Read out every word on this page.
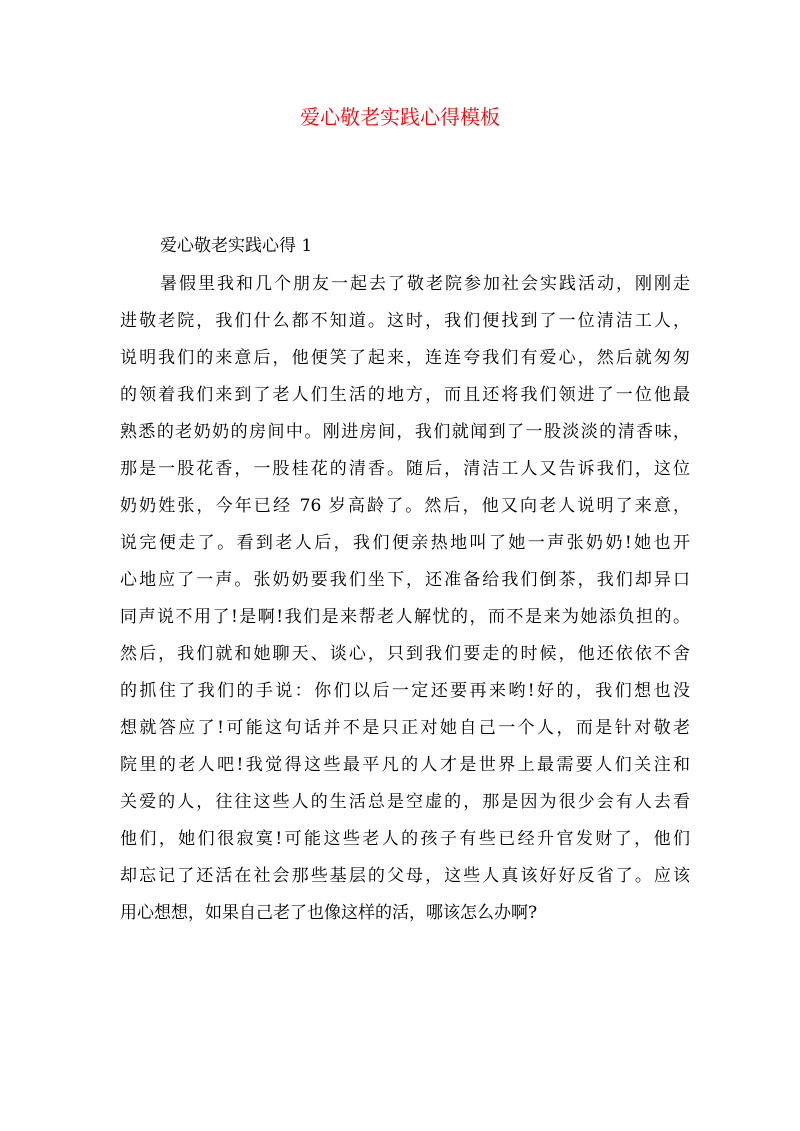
爱心敬老实践心得模板
爱心敬老实践心得 1
暑假里我和几个朋友一起去了敬老院参加社会实践活动，刚刚走
进敬老院，我们什么都不知道。这时，我们便找到了一位清洁工人，
说明我们的来意后，他便笑了起来，连连夸我们有爱心，然后就匆匆
的领着我们来到了老人们生活的地方，而且还将我们领进了一位他最
熟悉的老奶奶的房间中。刚进房间，我们就闻到了一股淡淡的清香味，
那是一股花香，一股桂花的清香。随后，清洁工人又告诉我们，这位
奶奶姓张，今年已经 76 岁高龄了。然后，他又向老人说明了来意，
说完便走了。看到老人后，我们便亲热地叫了她一声张奶奶!她也开
心地应了一声。张奶奶要我们坐下，还准备给我们倒茶，我们却异口
同声说不用了!是啊!我们是来帮老人解忧的，而不是来为她添负担的。
然后，我们就和她聊天、谈心，只到我们要走的时候，他还依依不舍
的抓住了我们的手说：你们以后一定还要再来哟!好的，我们想也没
想就答应了!可能这句话并不是只正对她自己一个人，而是针对敬老
院里的老人吧!我觉得这些最平凡的人才是世界上最需要人们关注和
关爱的人，往往这些人的生活总是空虚的，那是因为很少会有人去看
他们，她们很寂寞!可能这些老人的孩子有些已经升官发财了，他们
却忘记了还活在社会那些基层的父母，这些人真该好好反省了。应该
用心想想，如果自己老了也像这样的活，哪该怎么办啊?
